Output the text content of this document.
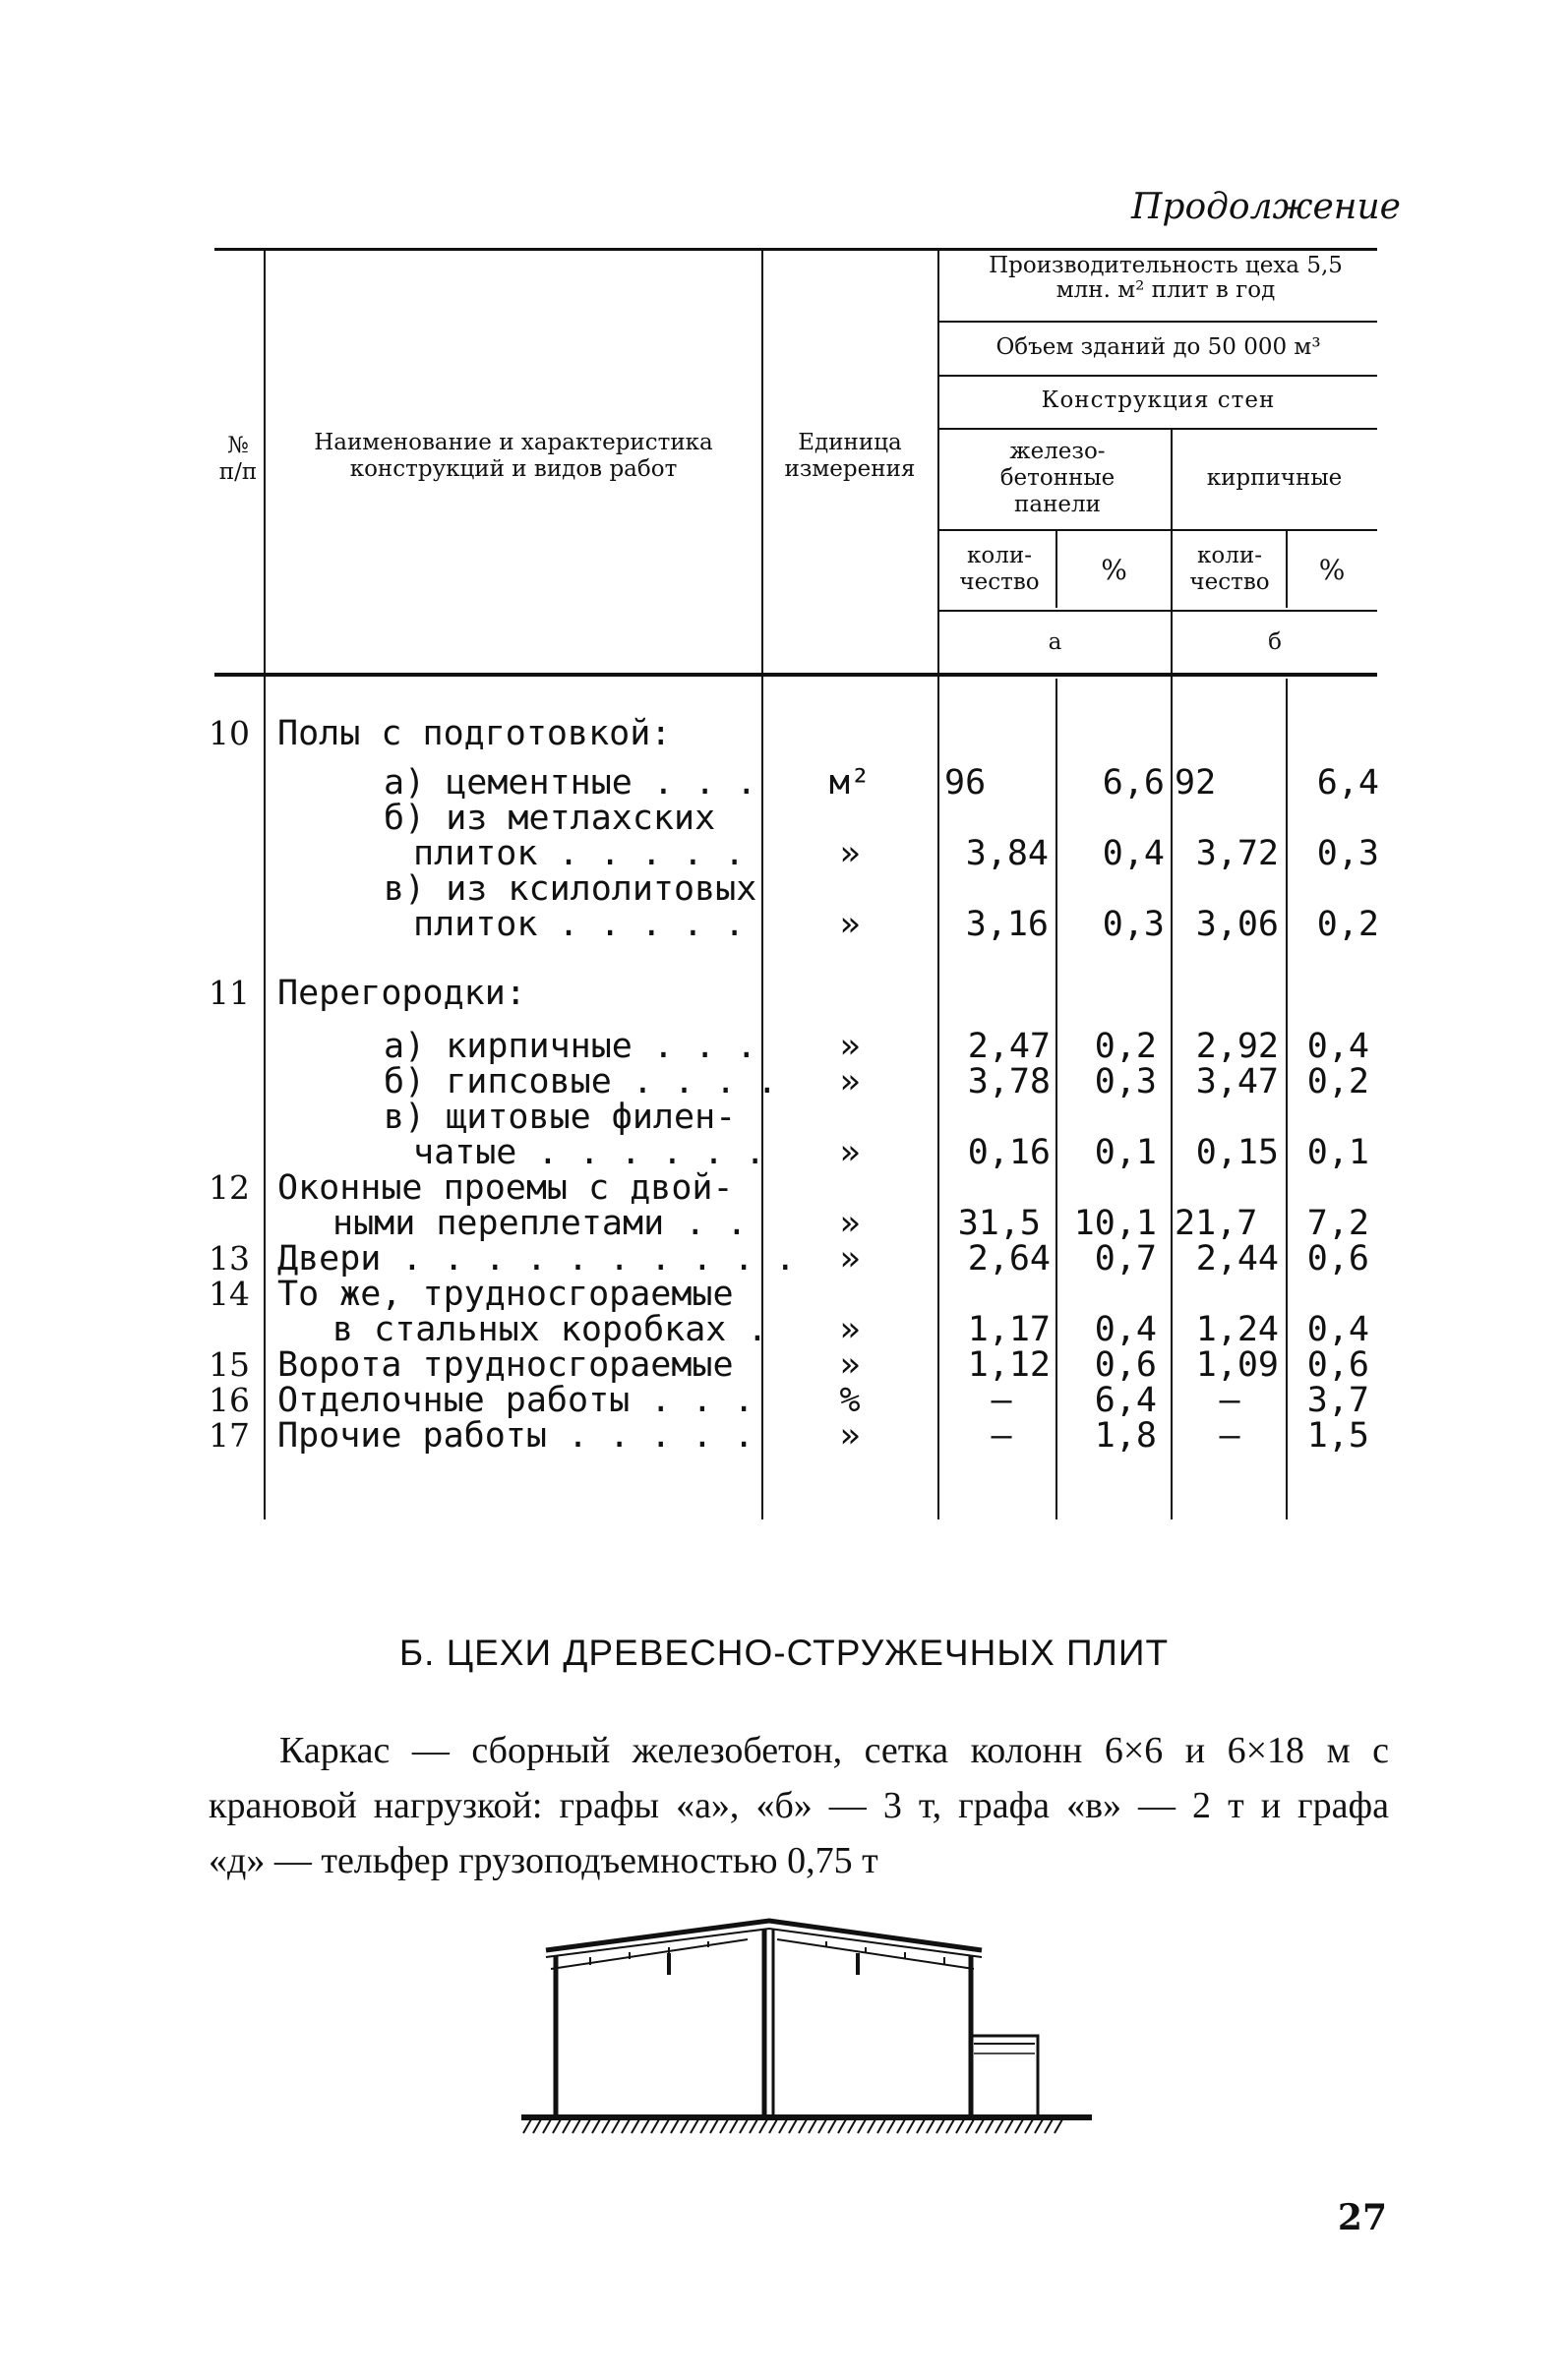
Продолжение
№ п/п
Наименование и характеристика конструкций и видов работ
Единица измерения
Производительность цеха 5,5 млн. м² плит в год
Объем зданий до 50 000 м³
Конструкция стен
железо-бетонные панели
кирпичные
коли-чество	%	коли-чество	%
а	б
10 Полы с подготовкой:
а) цементные . . .	м²	96	6,6 92	6,4
б) из метлахских
плиток . . . . .	»	3,84	0,4 3,72	0,3
в) из ксилолитовых
плиток . . . . .	»	3,16	0,3 3,06	0,2
11 Перегородки:
а) кирпичные . . .	»	2,47	0,2	2,92 0,4
б) гипсовые . . . .	»	3,78	0,3	3,47 0,2
в) щитовые филен-
чатые . . . . . .	»	0,16	0,1	0,15 0,1
12 Оконные проемы с двой-
ными переплетами . .	»	31,5 10,1 21,7	7,2
13 Двери . . . . . . . . . .	»	2,64	0,7	2,44 0,6
14 То же, трудносгораемые
в стальных коробках .	»	1,17	0,4	1,24 0,4
15 Ворота трудносгораемые	»	1,12	0,6	1,09 0,6
16 Отделочные работы . . .	%	—	6,4	—	3,7
17 Прочие работы . . . . .	»	—	1,8	—	1,5
Б. ЦЕХИ ДРЕВЕСНО-СТРУЖЕЧНЫХ ПЛИТ
Каркас — сборный железобетон, сетка колонн 6×6 и 6×18 м с
крановой нагрузкой: графы «а», «б» — 3 т, графа «в» — 2 т и графа
«д» — тельфер грузоподъемностью 0,75 т
27
